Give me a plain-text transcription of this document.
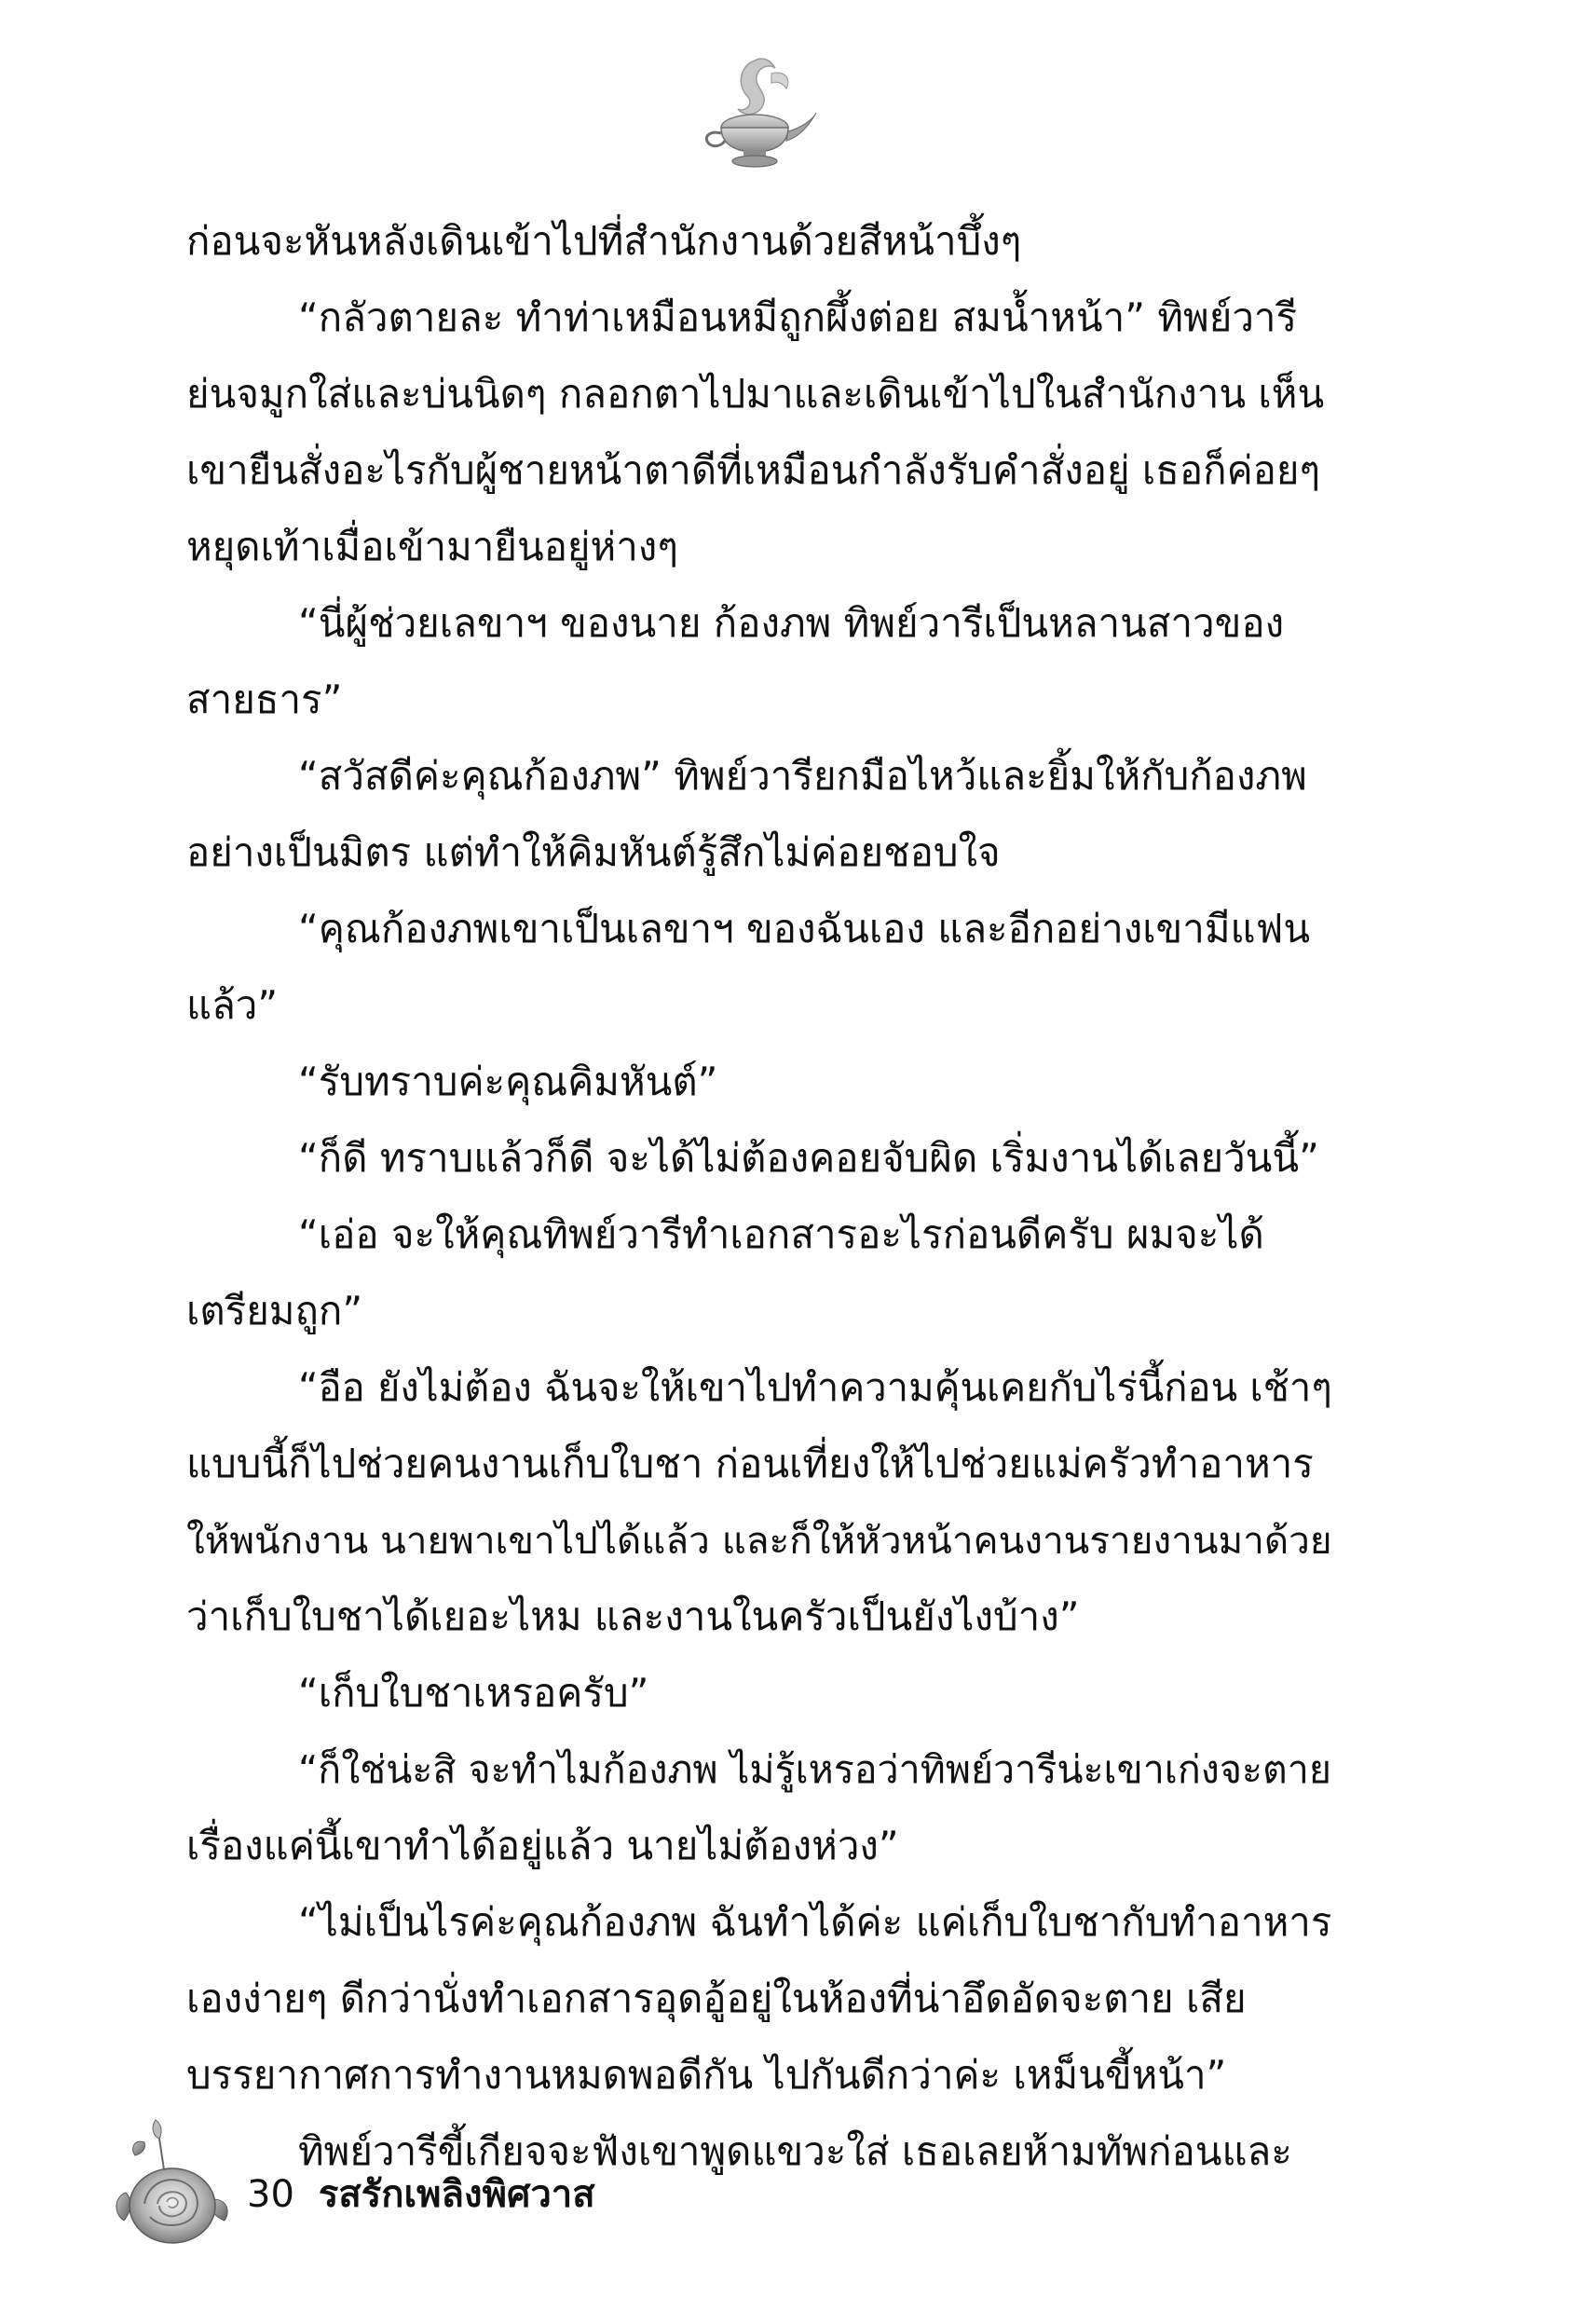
ก่อนจะหันหลังเดินเข้าไปที่สำนักงานด้วยสีหน้าบึ้งๆ
“กลัวตายละ ทำท่าเหมือนหมีถูกผึ้งต่อย สมน้ำหน้า” ทิพย์วารี
ย่นจมูกใส่และบ่นนิดๆ กลอกตาไปมาและเดินเข้าไปในสำนักงาน เห็น
เขายืนสั่งอะไรกับผู้ชายหน้าตาดีที่เหมือนกำลังรับคำสั่งอยู่ เธอก็ค่อยๆ
หยุดเท้าเมื่อเข้ามายืนอยู่ห่างๆ
“นี่ผู้ช่วยเลขาฯ ของนาย ก้องภพ ทิพย์วารีเป็นหลานสาวของ
สายธาร”
“สวัสดีค่ะคุณก้องภพ” ทิพย์วารียกมือไหว้และยิ้มให้กับก้องภพ
อย่างเป็นมิตร แต่ทำให้คิมหันต์รู้สึกไม่ค่อยชอบใจ
“คุณก้องภพเขาเป็นเลขาฯ ของฉันเอง และอีกอย่างเขามีแฟน
แล้ว”
“รับทราบค่ะคุณคิมหันต์”
“ก็ดี ทราบแล้วก็ดี จะได้ไม่ต้องคอยจับผิด เริ่มงานได้เลยวันนี้”
“เอ่อ จะให้คุณทิพย์วารีทำเอกสารอะไรก่อนดีครับ ผมจะได้
เตรียมถูก”
“อือ ยังไม่ต้อง ฉันจะให้เขาไปทำความคุ้นเคยกับไร่นี้ก่อน เช้าๆ
แบบนี้ก็ไปช่วยคนงานเก็บใบชา ก่อนเที่ยงให้ไปช่วยแม่ครัวทำอาหาร
ให้พนักงาน นายพาเขาไปได้แล้ว และก็ให้หัวหน้าคนงานรายงานมาด้วย
ว่าเก็บใบชาได้เยอะไหม และงานในครัวเป็นยังไงบ้าง”
“เก็บใบชาเหรอครับ”
“ก็ใช่น่ะสิ จะทำไมก้องภพ ไม่รู้เหรอว่าทิพย์วารีน่ะเขาเก่งจะตาย
เรื่องแค่นี้เขาทำได้อยู่แล้ว นายไม่ต้องห่วง”
“ไม่เป็นไรค่ะคุณก้องภพ ฉันทำได้ค่ะ แค่เก็บใบชากับทำอาหาร
เองง่ายๆ ดีกว่านั่งทำเอกสารอุดอู้อยู่ในห้องที่น่าอึดอัดจะตาย เสีย
บรรยากาศการทำงานหมดพอดีกัน ไปกันดีกว่าค่ะ เหม็นขี้หน้า”
ทิพย์วารีขี้เกียจจะฟังเขาพูดแขวะใส่ เธอเลยห้ามทัพก่อนและ
30 รสรักเพลิงพิศวาส
